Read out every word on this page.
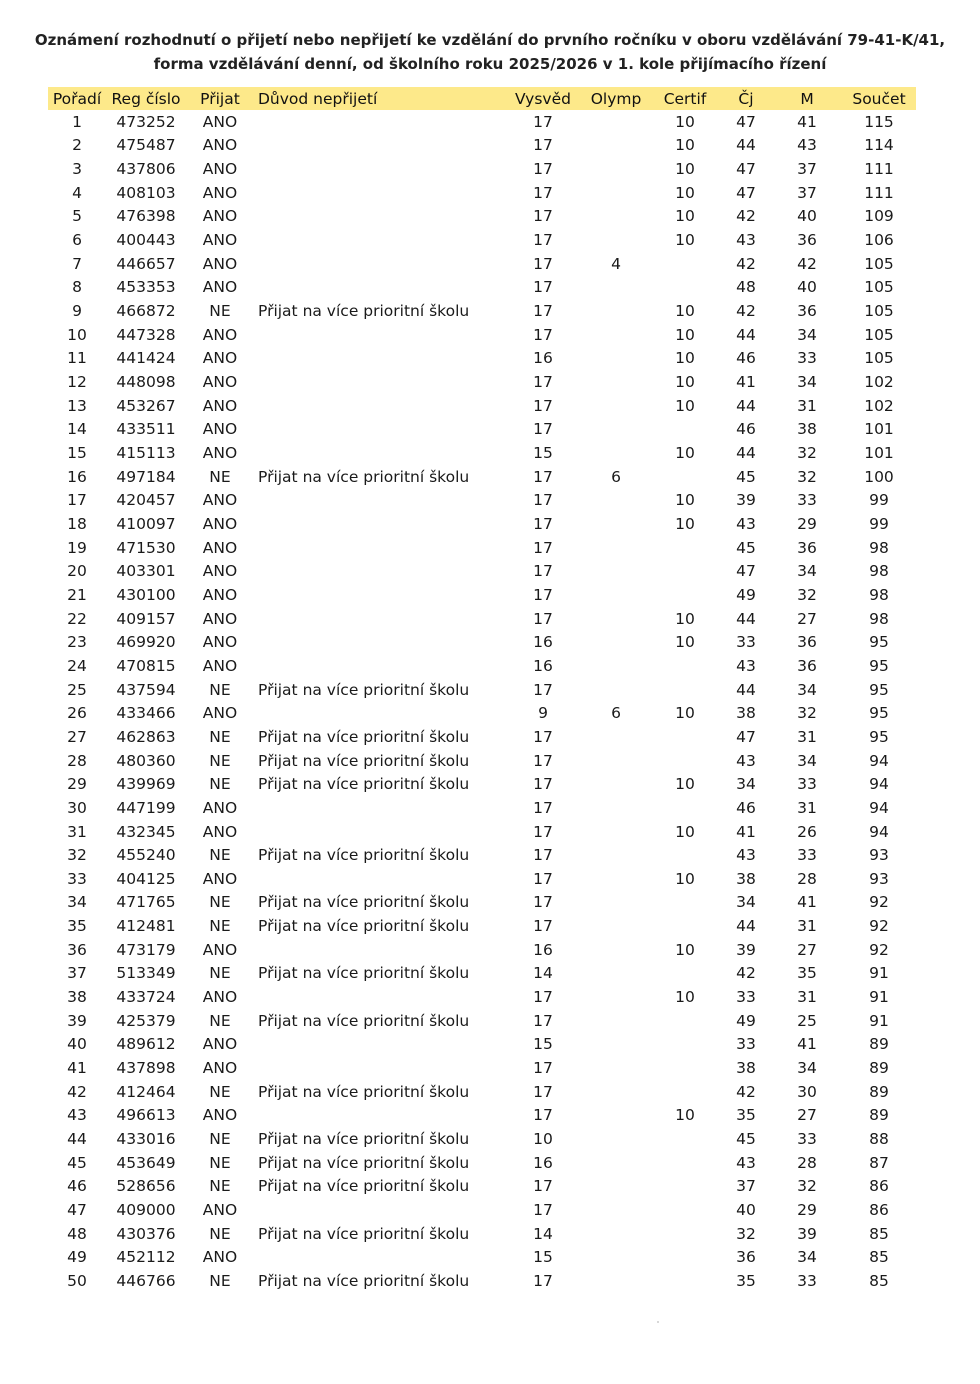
Oznámení rozhodnutí o přijetí nebo nepřijetí ke vzdělání do prvního ročníku v oboru vzdělávání 79-41-K/41,
forma vzdělávání denní, od školního roku 2025/2026 v 1. kole přijímacího řízení
Pořadí	Reg číslo	Přijat	Důvod nepřijetí	Vysvěd	Olymp	Certif	Čj	M	Součet
1	473252	ANO		17		10	47	41	115
2	475487	ANO		17		10	44	43	114
3	437806	ANO		17		10	47	37	111
4	408103	ANO		17		10	47	37	111
5	476398	ANO		17		10	42	40	109
6	400443	ANO		17		10	43	36	106
7	446657	ANO		17	4		42	42	105
8	453353	ANO		17			48	40	105
9	466872	NE	Přijat na více prioritní školu	17		10	42	36	105
10	447328	ANO		17		10	44	34	105
11	441424	ANO		16		10	46	33	105
12	448098	ANO		17		10	41	34	102
13	453267	ANO		17		10	44	31	102
14	433511	ANO		17			46	38	101
15	415113	ANO		15		10	44	32	101
16	497184	NE	Přijat na více prioritní školu	17	6		45	32	100
17	420457	ANO		17		10	39	33	99
18	410097	ANO		17		10	43	29	99
19	471530	ANO		17			45	36	98
20	403301	ANO		17			47	34	98
21	430100	ANO		17			49	32	98
22	409157	ANO		17		10	44	27	98
23	469920	ANO		16		10	33	36	95
24	470815	ANO		16			43	36	95
25	437594	NE	Přijat na více prioritní školu	17			44	34	95
26	433466	ANO		9	6	10	38	32	95
27	462863	NE	Přijat na více prioritní školu	17			47	31	95
28	480360	NE	Přijat na více prioritní školu	17			43	34	94
29	439969	NE	Přijat na více prioritní školu	17		10	34	33	94
30	447199	ANO		17			46	31	94
31	432345	ANO		17		10	41	26	94
32	455240	NE	Přijat na více prioritní školu	17			43	33	93
33	404125	ANO		17		10	38	28	93
34	471765	NE	Přijat na více prioritní školu	17			34	41	92
35	412481	NE	Přijat na více prioritní školu	17			44	31	92
36	473179	ANO		16		10	39	27	92
37	513349	NE	Přijat na více prioritní školu	14			42	35	91
38	433724	ANO		17		10	33	31	91
39	425379	NE	Přijat na více prioritní školu	17			49	25	91
40	489612	ANO		15			33	41	89
41	437898	ANO		17			38	34	89
42	412464	NE	Přijat na více prioritní školu	17			42	30	89
43	496613	ANO		17		10	35	27	89
44	433016	NE	Přijat na více prioritní školu	10			45	33	88
45	453649	NE	Přijat na více prioritní školu	16			43	28	87
46	528656	NE	Přijat na více prioritní školu	17			37	32	86
47	409000	ANO		17			40	29	86
48	430376	NE	Přijat na více prioritní školu	14			32	39	85
49	452112	ANO		15			36	34	85
50	446766	NE	Přijat na více prioritní školu	17			35	33	85
